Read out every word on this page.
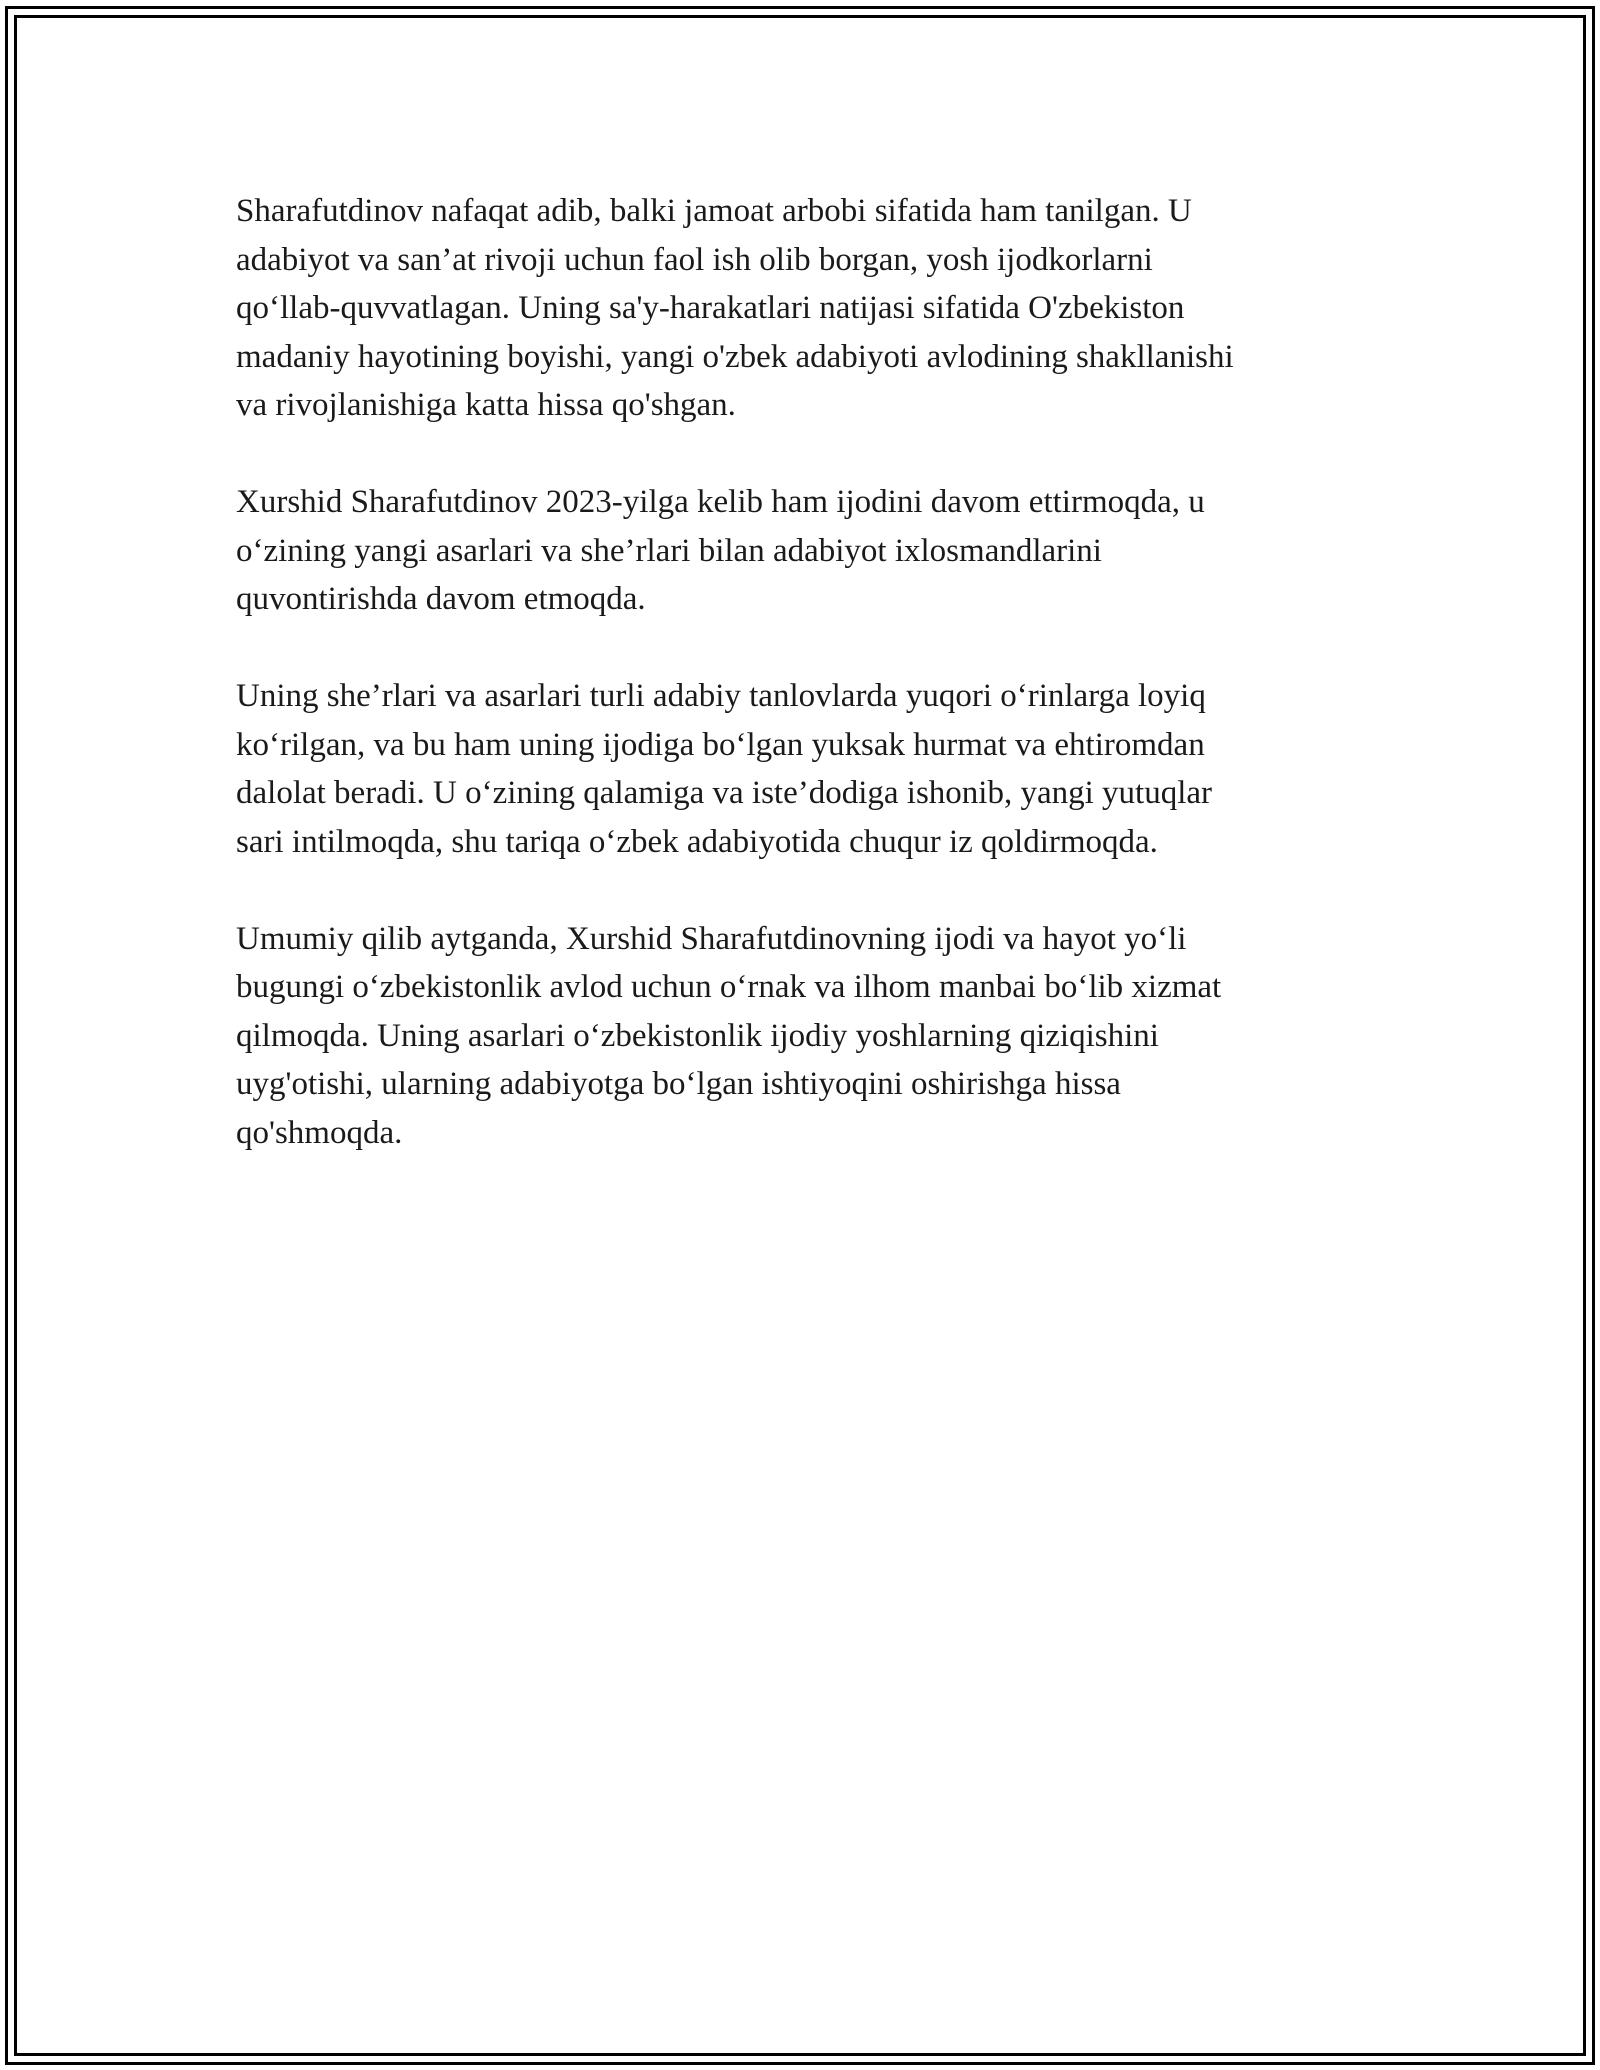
Sharafutdinov nafaqat adib, balki jamoat arbobi sifatida ham tanilgan. U
adabiyot va san’at rivoji uchun faol ish olib borgan, yosh ijodkorlarni
qo‘llab-quvvatlagan. Uning sa'y-harakatlari natijasi sifatida O'zbekiston
madaniy hayotining boyishi, yangi o'zbek adabiyoti avlodining shakllanishi
va rivojlanishiga katta hissa qo'shgan.

Xurshid Sharafutdinov 2023-yilga kelib ham ijodini davom ettirmoqda, u
o‘zining yangi asarlari va she’rlari bilan adabiyot ixlosmandlarini
quvontirishda davom etmoqda.

Uning she’rlari va asarlari turli adabiy tanlovlarda yuqori o‘rinlarga loyiq
ko‘rilgan, va bu ham uning ijodiga bo‘lgan yuksak hurmat va ehtiromdan
dalolat beradi. U o‘zining qalamiga va iste’dodiga ishonib, yangi yutuqlar
sari intilmoqda, shu tariqa o‘zbek adabiyotida chuqur iz qoldirmoqda.

Umumiy qilib aytganda, Xurshid Sharafutdinovning ijodi va hayot yo‘li
bugungi o‘zbekistonlik avlod uchun o‘rnak va ilhom manbai bo‘lib xizmat
qilmoqda. Uning asarlari o‘zbekistonlik ijodiy yoshlarning qiziqishini
uyg'otishi, ularning adabiyotga bo‘lgan ishtiyoqini oshirishga hissa
qo'shmoqda.
